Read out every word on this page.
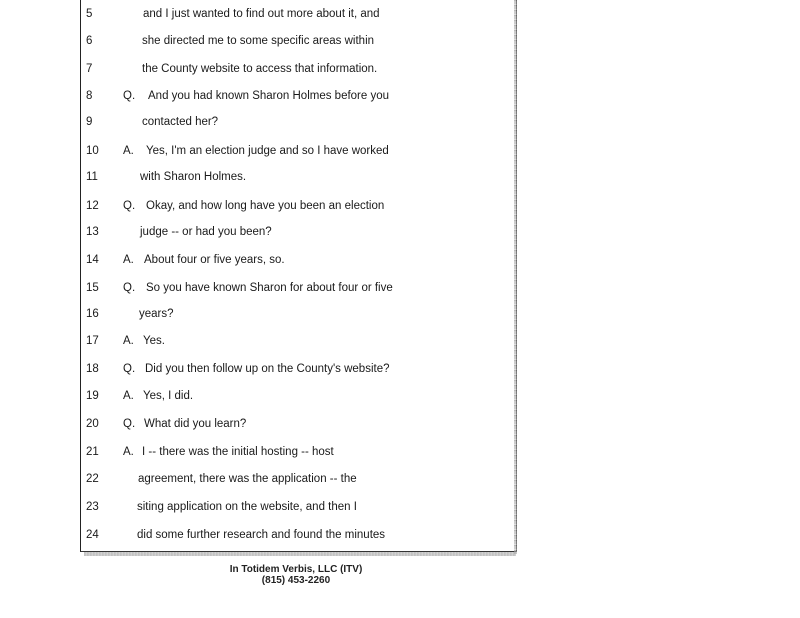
5	and I just wanted to find out more about it, and
6	she directed me to some specific areas within
7	the County website to access that information.
8	Q. And you had known Sharon Holmes before you
9	contacted her?
10	A. Yes, I'm an election judge and so I have worked
11	with Sharon Holmes.
12	Q. Okay, and how long have you been an election
13	judge -- or had you been?
14	A. About four or five years, so.
15	Q. So you have known Sharon for about four or five
16	years?
17	A. Yes.
18	Q. Did you then follow up on the County's website?
19	A. Yes, I did.
20	Q. What did you learn?
21	A. I -- there was the initial hosting -- host
22	agreement, there was the application -- the
23	siting application on the website, and then I
24	did some further research and found the minutes
In Totidem Verbis, LLC (ITV)
(815) 453-2260
